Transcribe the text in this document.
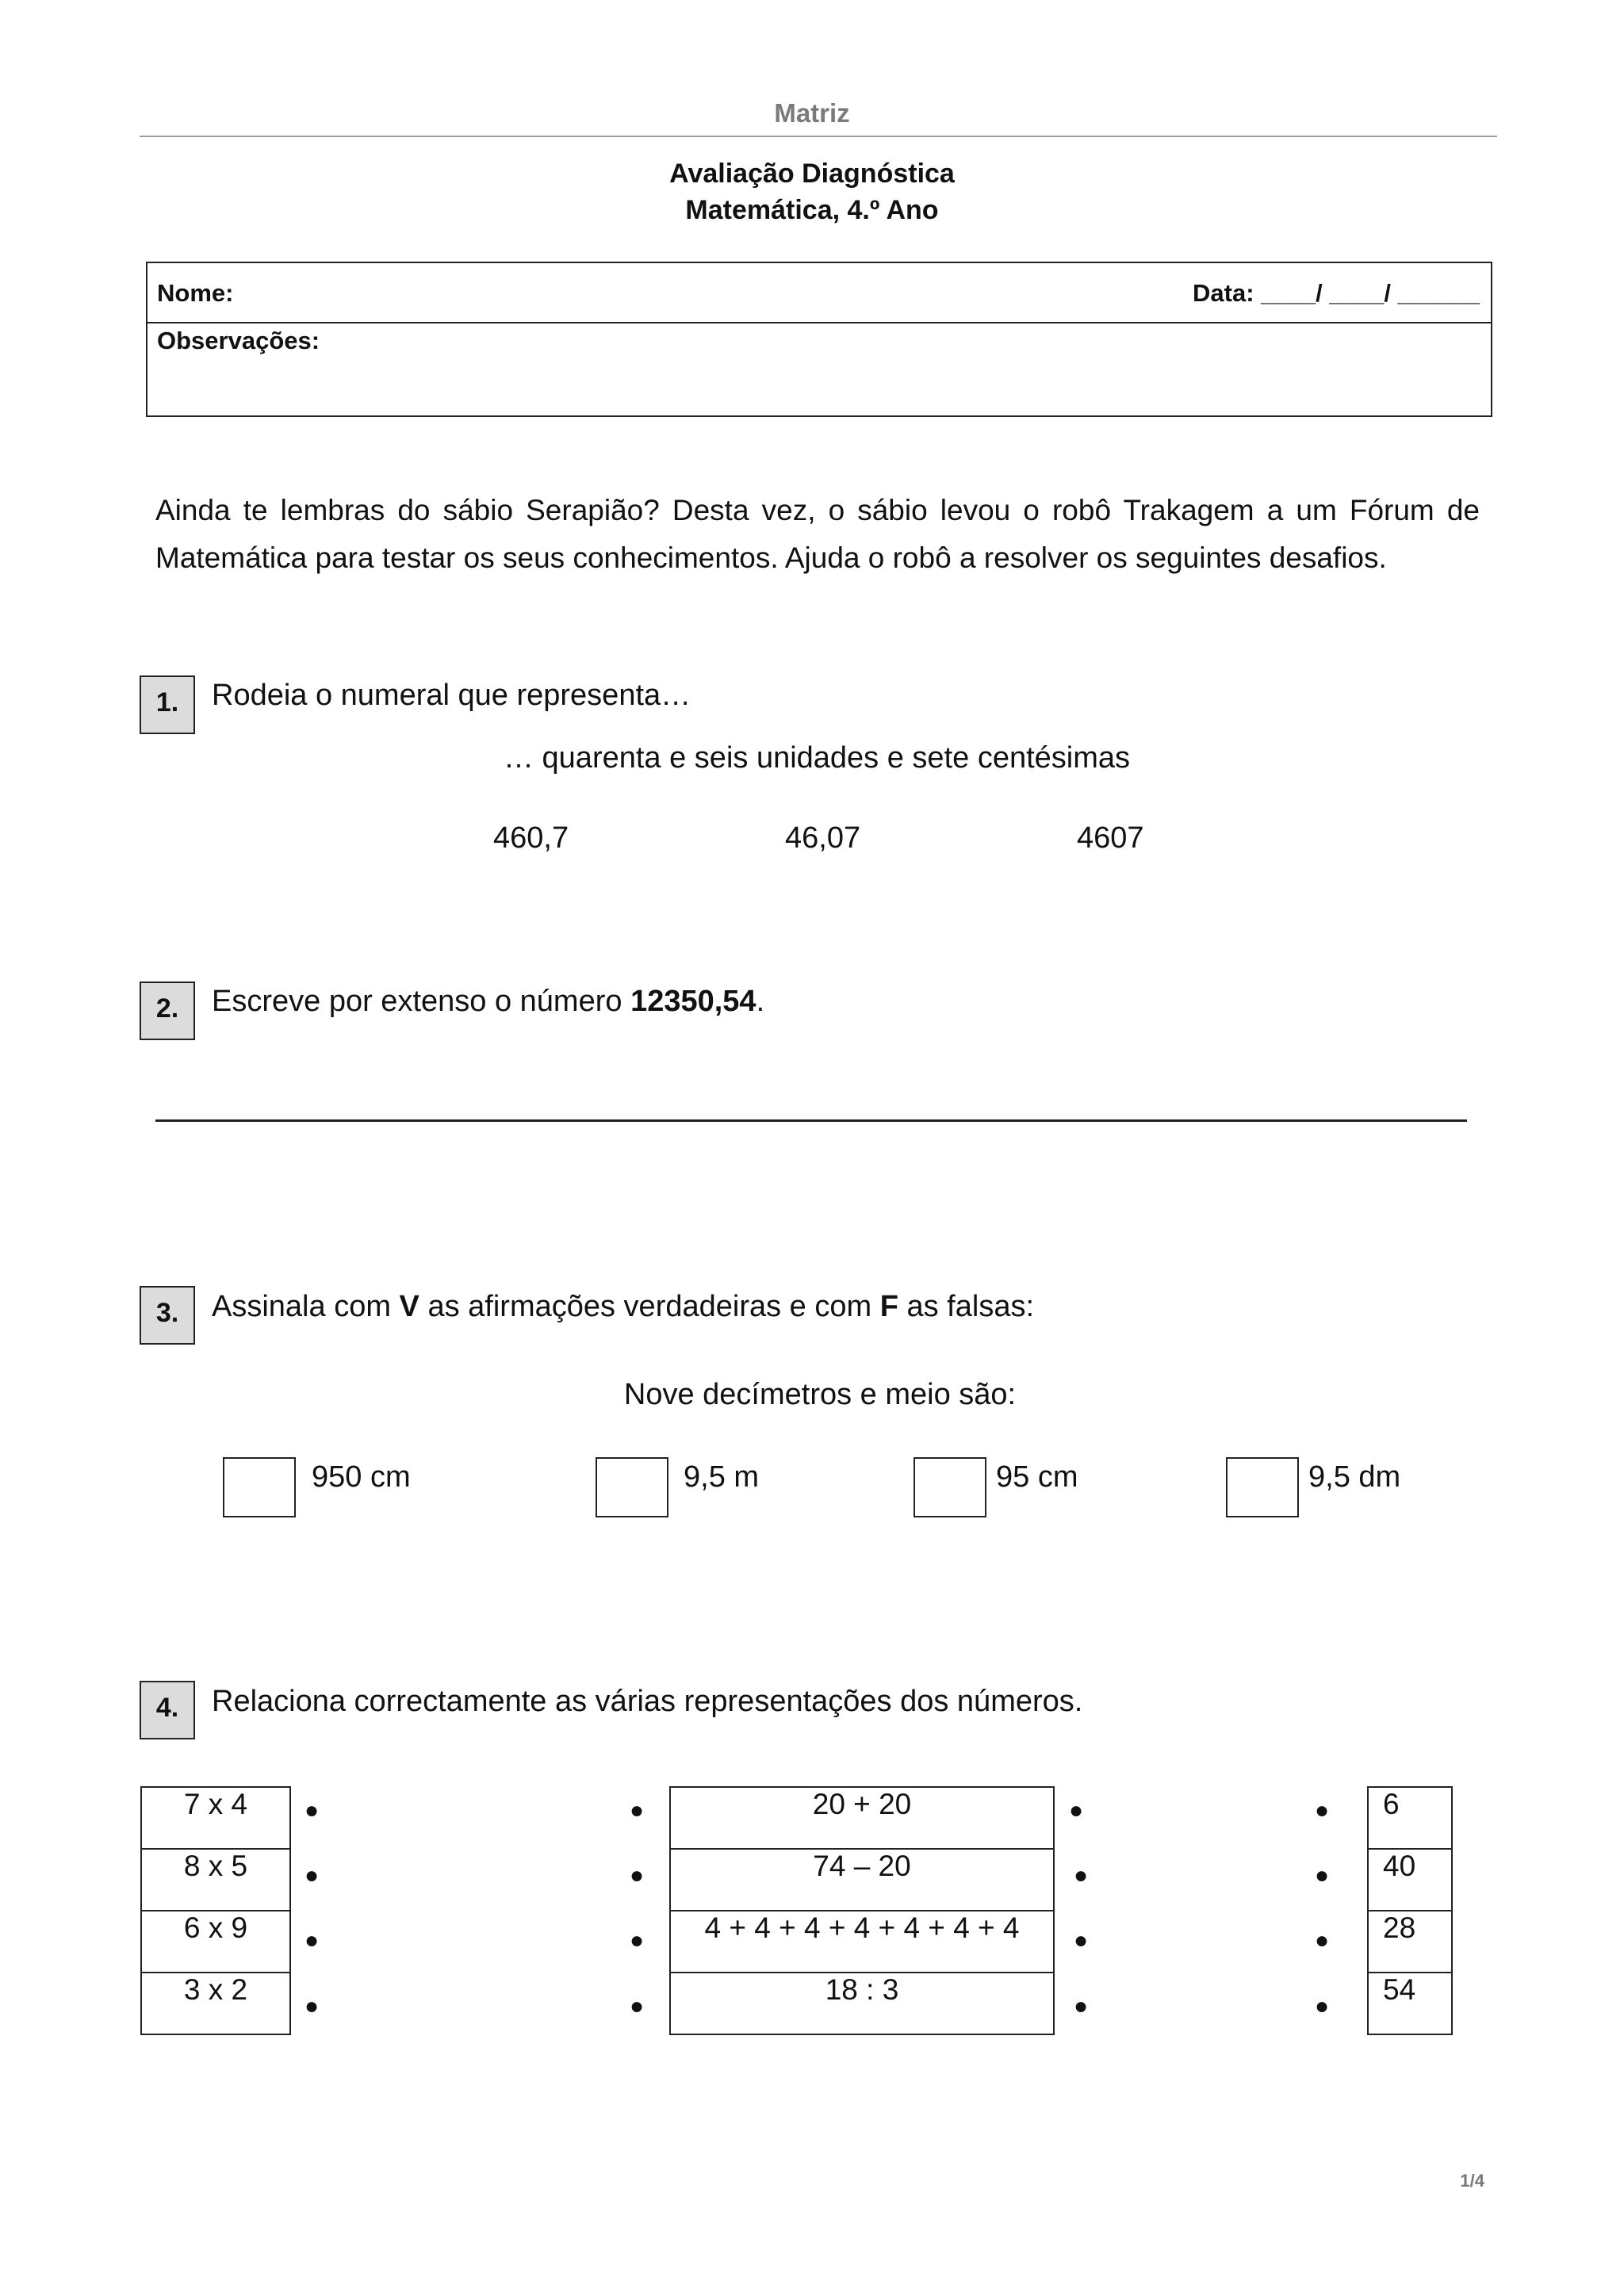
Matriz
Avaliação Diagnóstica
Matemática, 4.º Ano
Nome:	Data: ____/ ____/ ______
Observações:
Ainda te lembras do sábio Serapião? Desta vez, o sábio levou o robô Trakagem a um Fórum de Matemática para testar os seus conhecimentos. Ajuda o robô a resolver os seguintes desafios.
1.	Rodeia o numeral que representa…
… quarenta e seis unidades e sete centésimas
460,7	46,07	4607
2.	Escreve por extenso o número 12350,54.
3.	Assinala com V as afirmações verdadeiras e com F as falsas:
Nove decímetros e meio são:
950 cm	9,5 m	95 cm	9,5 dm
4.	Relaciona correctamente as várias representações dos números.
7 x 4
8 x 5
6 x 9
3 x 2
20 + 20
74 – 20
4 + 4 + 4 + 4 + 4 + 4 + 4
18 : 3
6
40
28
54
●
●
●
●
●
●
●
●
●
●
●
●
●
●
●
●
1/4
